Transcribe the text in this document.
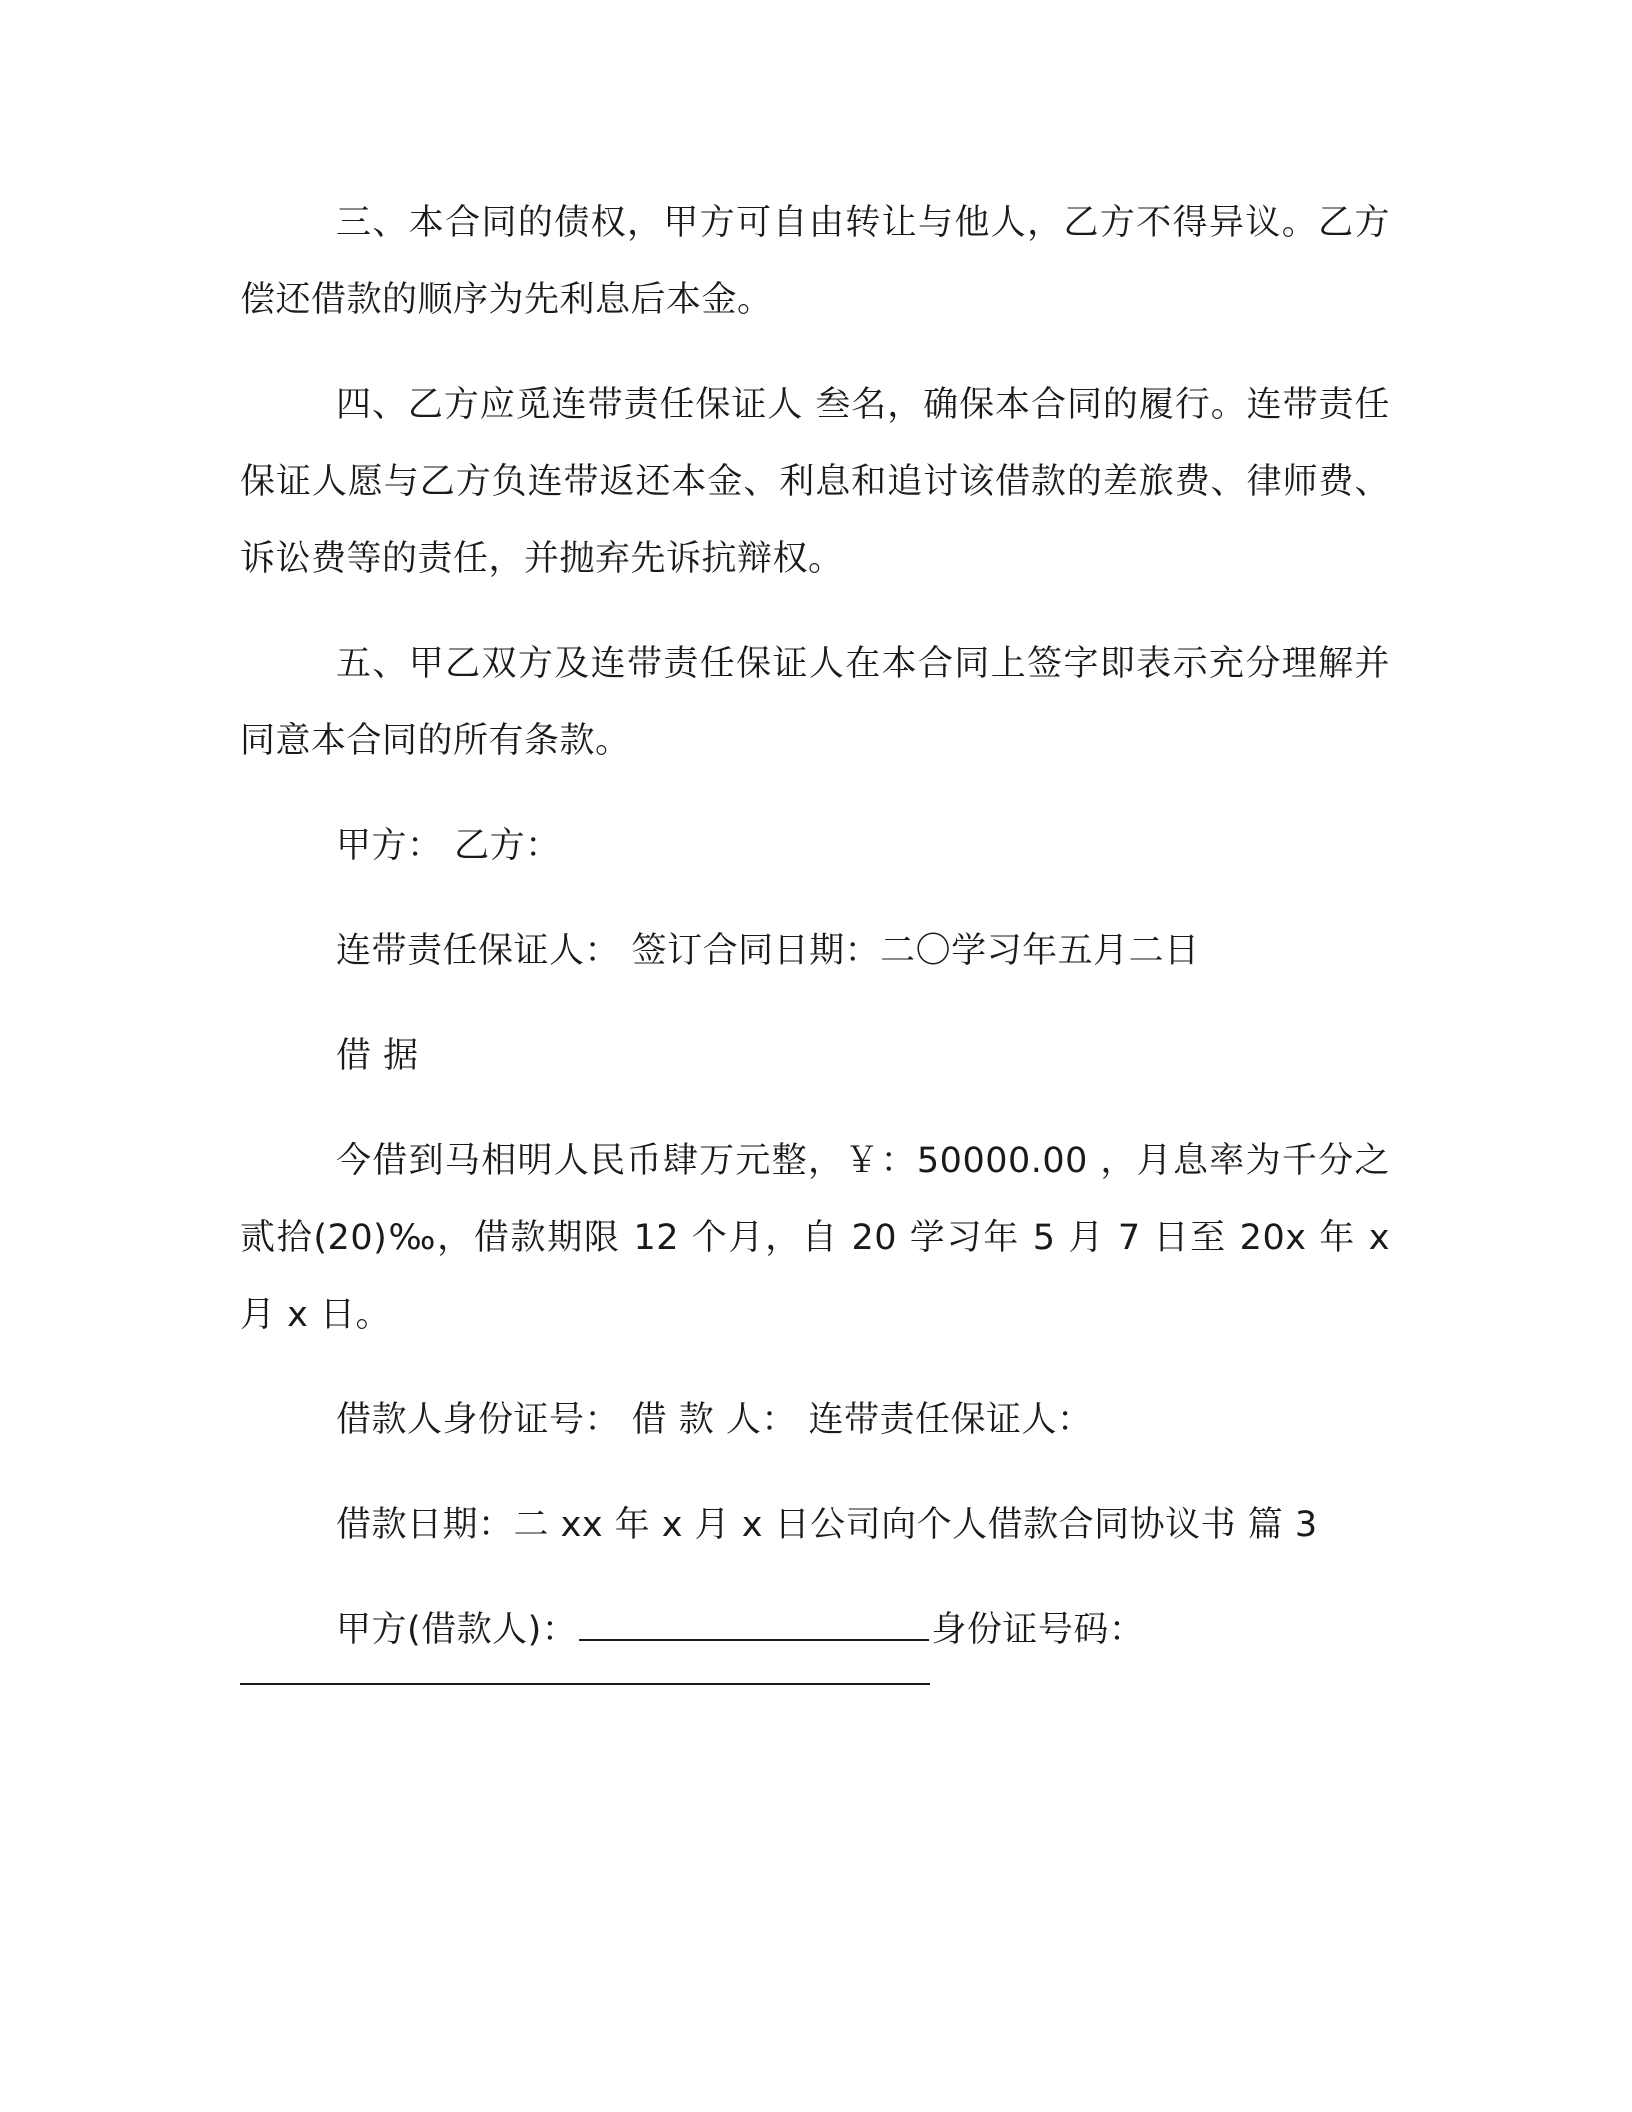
三、本合同的债权，甲方可自由转让与他人，乙方不得异议。乙方偿还借款的顺序为先利息后本金。

四、乙方应觅连带责任保证人 叁名，确保本合同的履行。连带责任保证人愿与乙方负连带返还本金、利息和追讨该借款的差旅费、律师费、诉讼费等的责任，并抛弃先诉抗辩权。

五、甲乙双方及连带责任保证人在本合同上签字即表示充分理解并同意本合同的所有条款。

甲方： 乙方：

连带责任保证人： 签订合同日期：二〇学习年五月二日

借 据

今借到马相明人民币肆万元整，￥：50000.00 ，月息率为千分之 贰拾(20)‰，借款期限 12 个月，自 20 学习年 5 月 7 日至 20x 年 x 月 x 日。

借款人身份证号： 借 款 人： 连带责任保证人：

借款日期：二 xx 年 x 月 x 日公司向个人借款合同协议书 篇 3

甲方(借款人)：	身份证号码：
